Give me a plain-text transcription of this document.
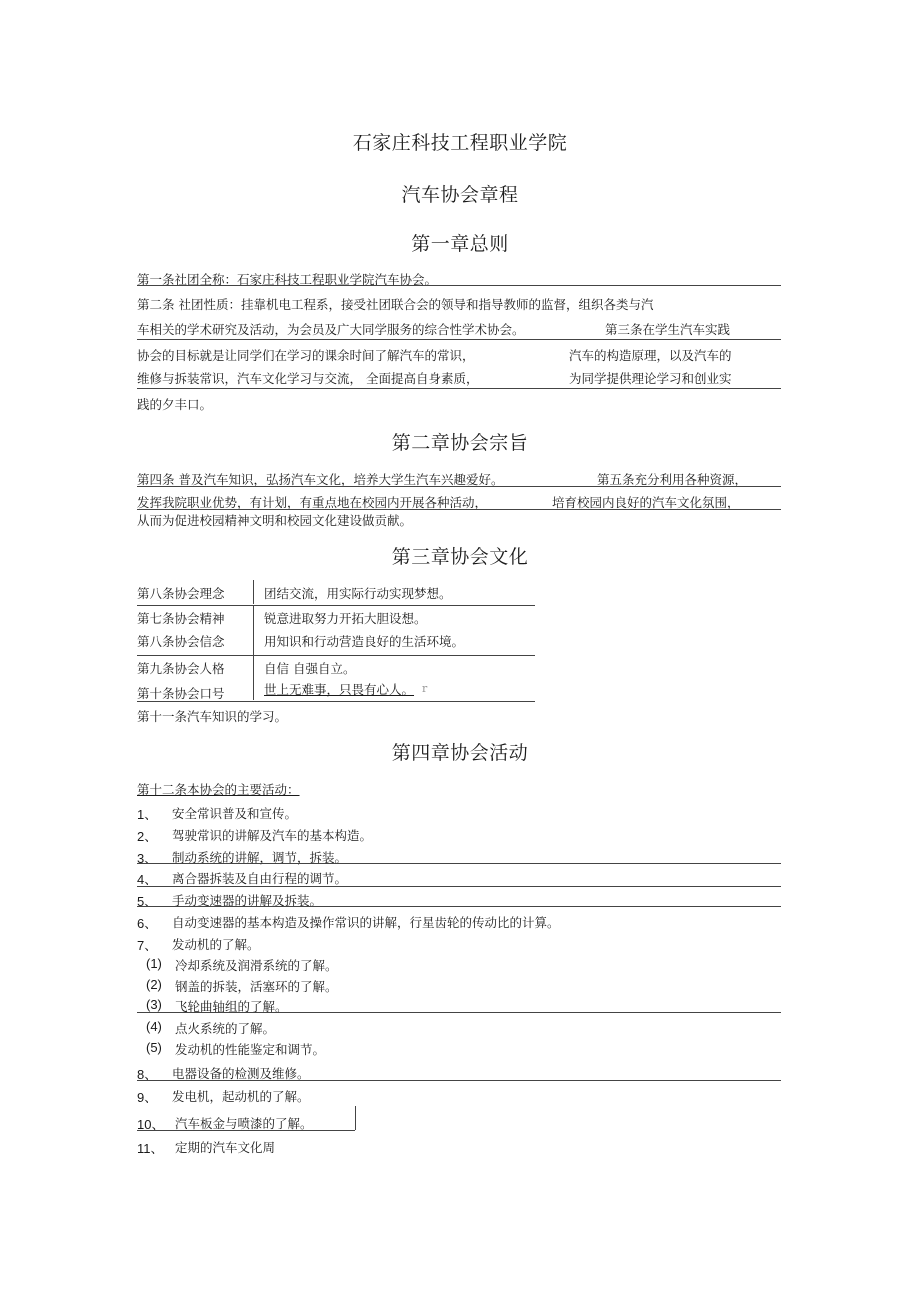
石家庄科技工程职业学院
汽车协会章程
第一章总则
第一条社团全称：石家庄科技工程职业学院汽车协会。
第二条 社团性质：挂靠机电工程系，接受社团联合会的领导和指导教师的监督，组织各类与汽
车相关的学术研究及活动，为会员及广大同学服务的综合性学术协会。	第三条在学生汽车实践
协会的目标就是让同学们在学习的课余时间了解汽车的常识，	汽车的构造原理，以及汽车的
维修与拆装常识，汽车文化学习与交流， 全面提高自身素质，	为同学提供理论学习和创业实
践的夕丰口。
第二章协会宗旨
第四条 普及汽车知识，弘扬汽车文化，培养大学生汽车兴趣爱好。	第五条充分利用各种资源，
发挥我院职业优势，有计划，有重点地在校园内开展各种活动，	培育校园内良好的汽车文化氛围，
从而为促进校园精神文明和校园文化建设做贡献。
第三章协会文化
第八条协会理念	团结交流，用实际行动实现梦想。
第七条协会精神	锐意进取努力开拓大胆设想。
第八条协会信念	用知识和行动营造良好的生活环境。
第九条协会人格	自信 自强自立。
第十条协会口号	世上无难事，只畏有心人。 r
第十一条汽车知识的学习。
第四章协会活动
第十二条本协会的主要活动：
1、 安全常识普及和宣传。
2、 驾驶常识的讲解及汽车的基本构造。
3、 制动系统的讲解，调节，拆装。
4、 离合器拆装及自由行程的调节。
5、 手动变速器的讲解及拆装。
6、 自动变速器的基本构造及操作常识的讲解，行星齿轮的传动比的计算。
7、 发动机的了解。
(1) 冷却系统及润滑系统的了解。
(2) 钢盖的拆装，活塞环的了解。
(3) 飞轮曲轴组的了解。
(4) 点火系统的了解。
(5) 发动机的性能鉴定和调节。
8、 电器设备的检测及维修。
9、 发电机，起动机的了解。
10、 汽车板金与喷漆的了解。
11、 定期的汽车文化周
